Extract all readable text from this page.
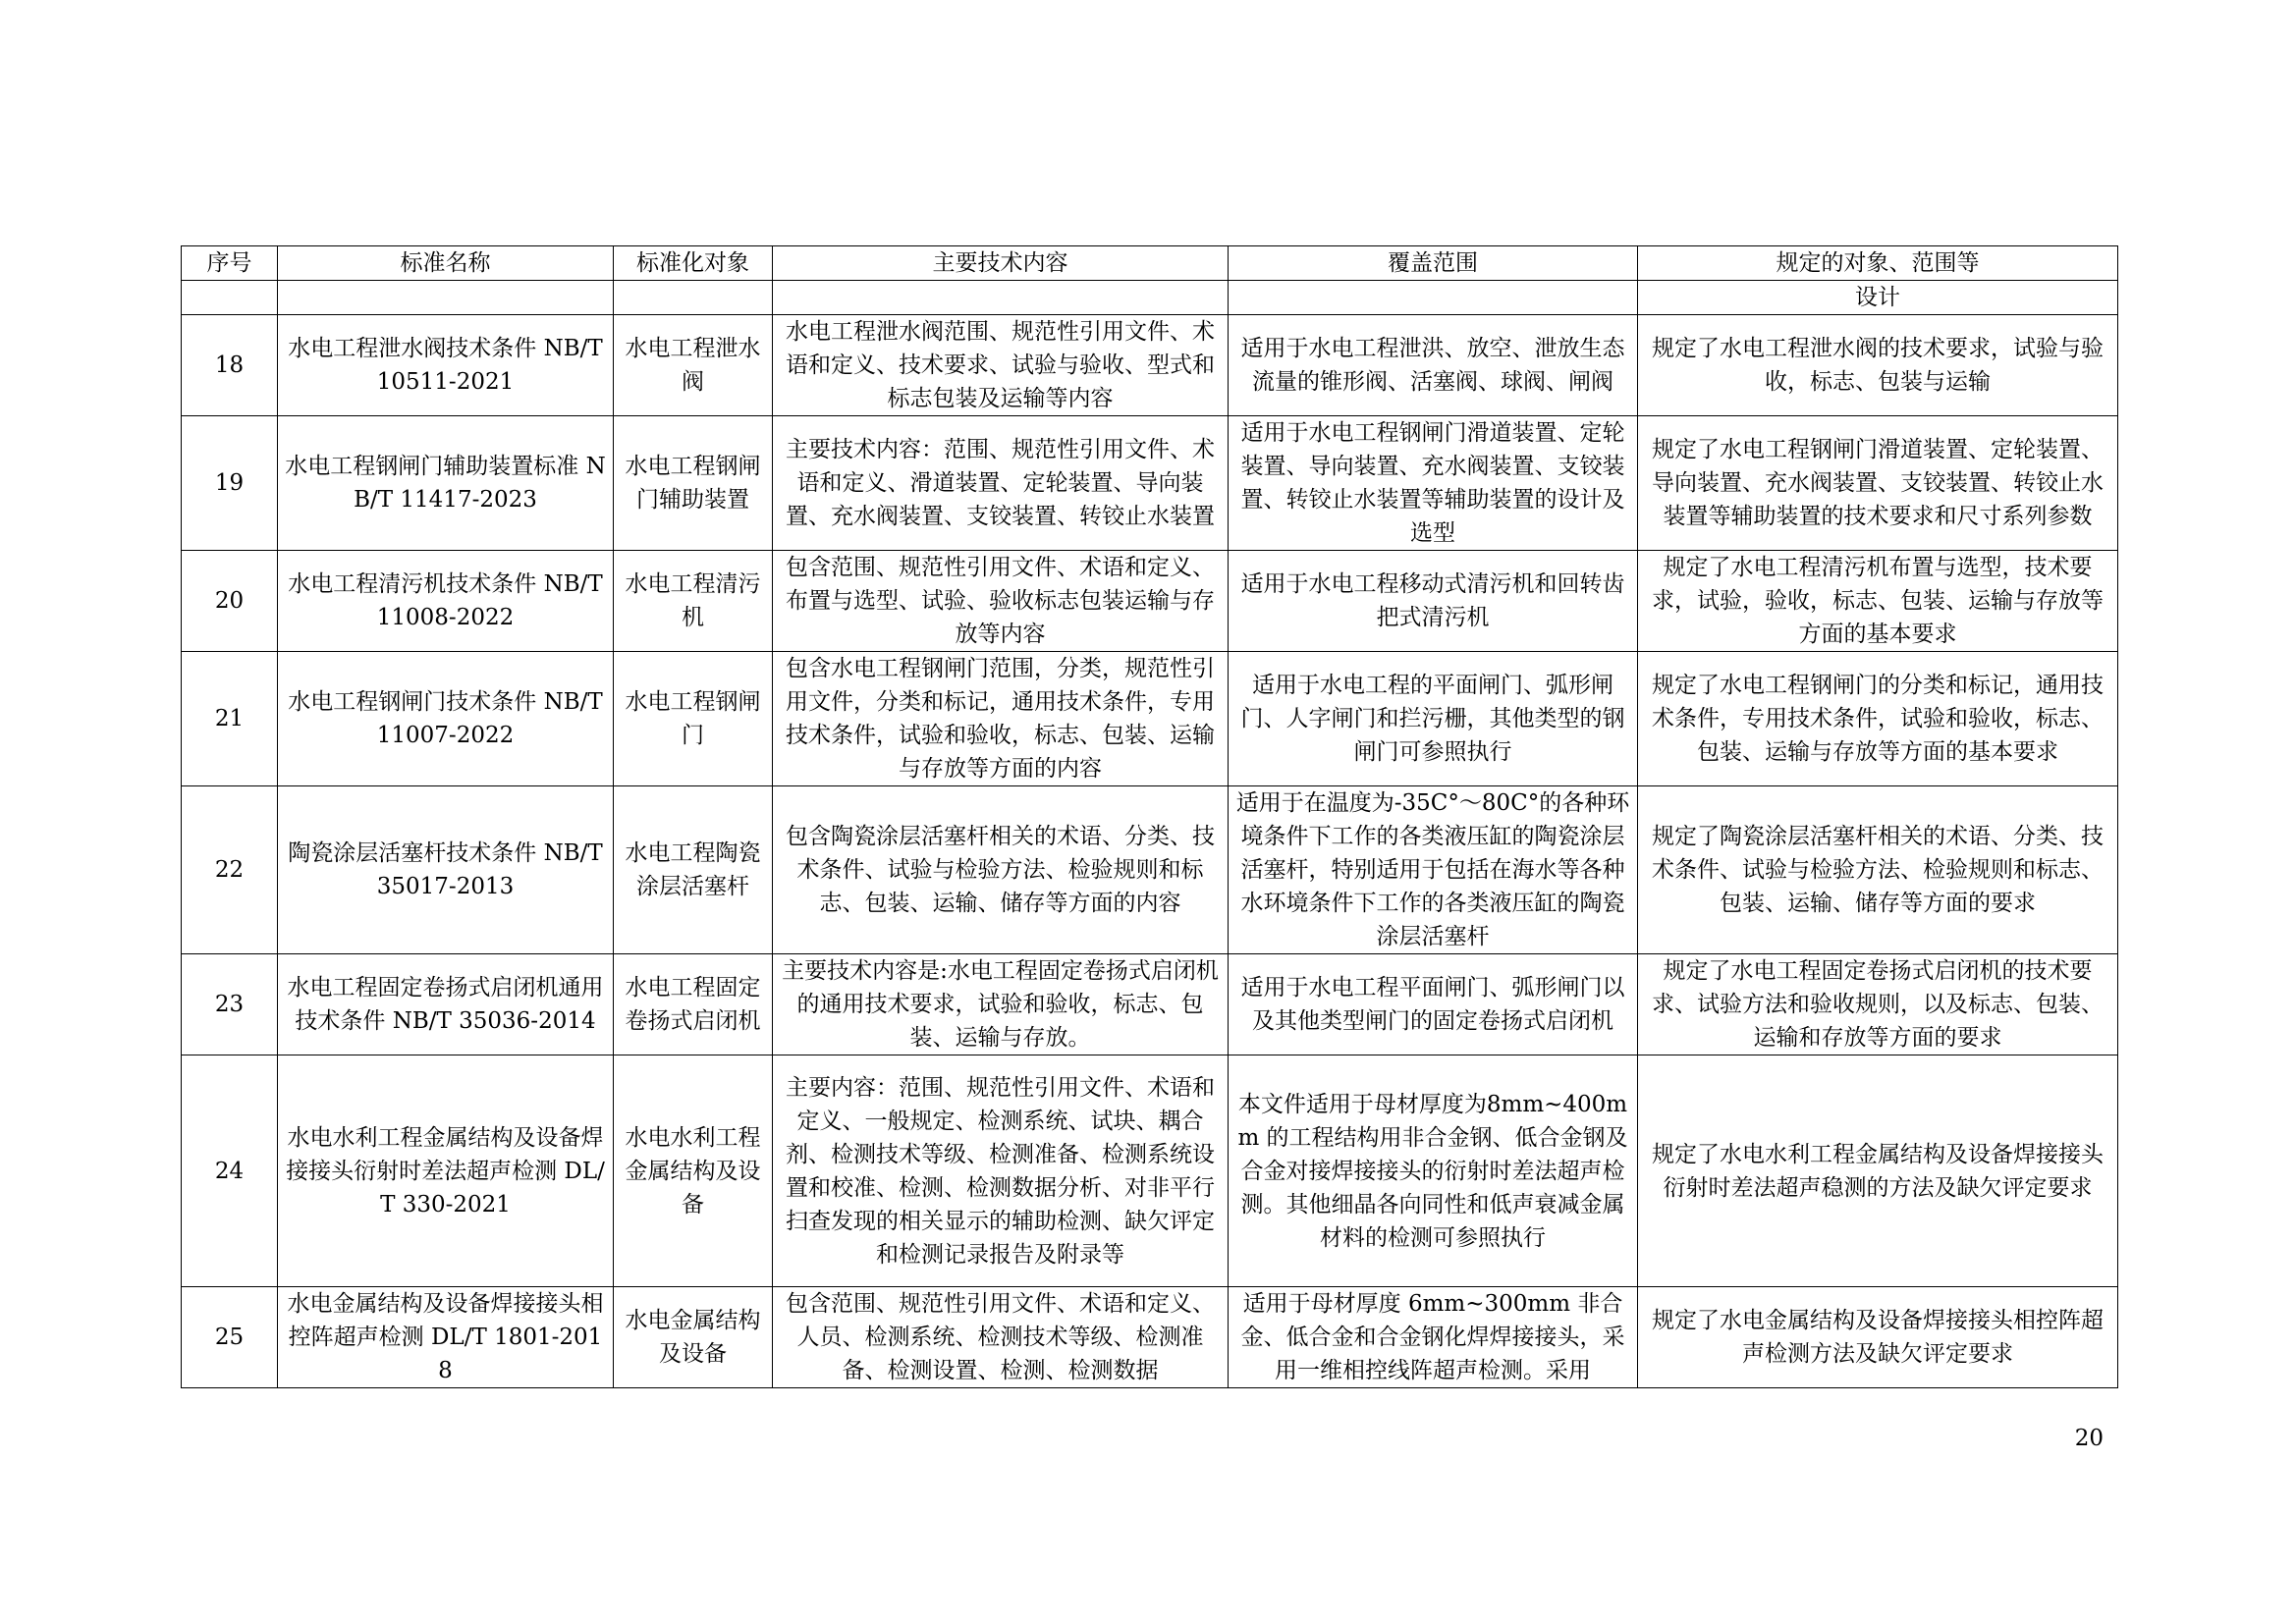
序号	标准名称	标准化对象	主要技术内容	覆盖范围	规定的对象、范围等
					设计
18	水电工程泄水阀技术条件 NB/T 10511-2021	水电工程泄水阀	水电工程泄水阀范围、规范性引用文件、术语和定义、技术要求、试验与验收、型式和标志包装及运输等内容	适用于水电工程泄洪、放空、泄放生态流量的锥形阀、活塞阀、球阀、闸阀	规定了水电工程泄水阀的技术要求，试验与验收，标志、包装与运输
19	水电工程钢闸门辅助装置标准 NB/T 11417-2023	水电工程钢闸门辅助装置	主要技术内容：范围、规范性引用文件、术语和定义、滑道装置、定轮装置、导向装置、充水阀装置、支铰装置、转铰止水装置	适用于水电工程钢闸门滑道装置、定轮装置、导向装置、充水阀装置、支铰装置、转铰止水装置等辅助装置的设计及选型	规定了水电工程钢闸门滑道装置、定轮装置、导向装置、充水阀装置、支铰装置、转铰止水装置等辅助装置的技术要求和尺寸系列参数
20	水电工程清污机技术条件 NB/T 11008-2022	水电工程清污机	包含范围、规范性引用文件、术语和定义、布置与选型、试验、验收标志包装运输与存放等内容	适用于水电工程移动式清污机和回转齿把式清污机	规定了水电工程清污机布置与选型，技术要求，试验，验收，标志、包装、运输与存放等方面的基本要求
21	水电工程钢闸门技术条件 NB/T 11007-2022	水电工程钢闸门	包含水电工程钢闸门范围，分类，规范性引用文件，分类和标记，通用技术条件，专用技术条件，试验和验收，标志、包装、运输与存放等方面的内容	适用于水电工程的平面闸门、弧形闸门、人字闸门和拦污栅，其他类型的钢闸门可参照执行	规定了水电工程钢闸门的分类和标记，通用技术条件，专用技术条件，试验和验收，标志、包装、运输与存放等方面的基本要求
22	陶瓷涂层活塞杆技术条件 NB/T 35017-2013	水电工程陶瓷涂层活塞杆	包含陶瓷涂层活塞杆相关的术语、分类、技术条件、试验与检验方法、检验规则和标志、包装、运输、储存等方面的内容	适用于在温度为-35C°～80C°的各种环境条件下工作的各类液压缸的陶瓷涂层活塞杆，特别适用于包括在海水等各种水环境条件下工作的各类液压缸的陶瓷涂层活塞杆	规定了陶瓷涂层活塞杆相关的术语、分类、技术条件、试验与检验方法、检验规则和标志、包装、运输、储存等方面的要求
23	水电工程固定卷扬式启闭机通用技术条件 NB/T 35036-2014	水电工程固定卷扬式启闭机	主要技术内容是:水电工程固定卷扬式启闭机的通用技术要求，试验和验收，标志、包装、运输与存放。	适用于水电工程平面闸门、弧形闸门以及其他类型闸门的固定卷扬式启闭机	规定了水电工程固定卷扬式启闭机的技术要求、试验方法和验收规则，以及标志、包装、运输和存放等方面的要求
24	水电水利工程金属结构及设备焊接接头衍射时差法超声检测 DL/T 330-2021	水电水利工程金属结构及设备	主要内容：范围、规范性引用文件、术语和定义、一般规定、检测系统、试块、耦合剂、检测技术等级、检测准备、检测系统设置和校准、检测、检测数据分析、对非平行扫查发现的相关显示的辅助检测、缺欠评定和检测记录报告及附录等	本文件适用于母材厚度为8mm~400mm 的工程结构用非合金钢、低合金钢及合金对接焊接接头的衍射时差法超声检测。其他细晶各向同性和低声衰减金属材料的检测可参照执行	规定了水电水利工程金属结构及设备焊接接头衍射时差法超声稳测的方法及缺欠评定要求
25	水电金属结构及设备焊接接头相控阵超声检测 DL/T 1801-2018	水电金属结构及设备	包含范围、规范性引用文件、术语和定义、人员、检测系统、检测技术等级、检测准备、检测设置、检测、检测数据	适用于母材厚度 6mm~300mm 非合金、低合金和合金钢化焊焊接接头，采用一维相控线阵超声检测。采用	规定了水电金属结构及设备焊接接头相控阵超声检测方法及缺欠评定要求
20
